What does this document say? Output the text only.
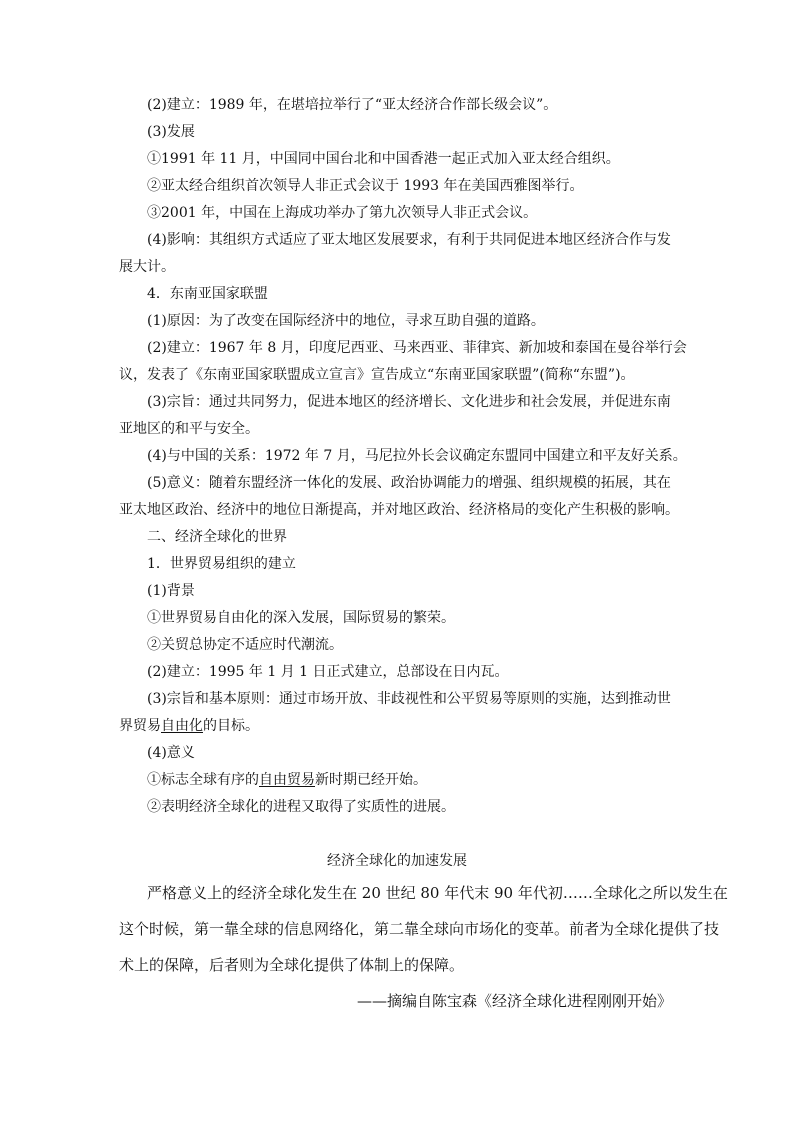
(2)建立：1989 年，在堪培拉举行了“亚太经济合作部长级会议”。
(3)发展
①1991 年 11 月，中国同中国台北和中国香港一起正式加入亚太经合组织。
②亚太经合组织首次领导人非正式会议于 1993 年在美国西雅图举行。
③2001 年，中国在上海成功举办了第九次领导人非正式会议。
(4)影响：其组织方式适应了亚太地区发展要求，有利于共同促进本地区经济合作与发
展大计。
4．东南亚国家联盟
(1)原因：为了改变在国际经济中的地位，寻求互助自强的道路。
(2)建立：1967 年 8 月，印度尼西亚、马来西亚、菲律宾、新加坡和泰国在曼谷举行会
议，发表了《东南亚国家联盟成立宣言》宣告成立“东南亚国家联盟”(简称“东盟”)。
(3)宗旨：通过共同努力，促进本地区的经济增长、文化进步和社会发展，并促进东南
亚地区的和平与安全。
(4)与中国的关系：1972 年 7 月，马尼拉外长会议确定东盟同中国建立和平友好关系。
(5)意义：随着东盟经济一体化的发展、政治协调能力的增强、组织规模的拓展，其在
亚太地区政治、经济中的地位日渐提高，并对地区政治、经济格局的变化产生积极的影响。
二、经济全球化的世界
1．世界贸易组织的建立
(1)背景
①世界贸易自由化的深入发展，国际贸易的繁荣。
②关贸总协定不适应时代潮流。
(2)建立：1995 年 1 月 1 日正式建立，总部设在日内瓦。
(3)宗旨和基本原则：通过市场开放、非歧视性和公平贸易等原则的实施，达到推动世
界贸易自由化的目标。
(4)意义
①标志全球有序的自由贸易新时期已经开始。
②表明经济全球化的进程又取得了实质性的进展。
经济全球化的加速发展
严格意义上的经济全球化发生在 20 世纪 80 年代末 90 年代初……全球化之所以发生在
这个时候，第一靠全球的信息网络化，第二靠全球向市场化的变革。前者为全球化提供了技
术上的保障，后者则为全球化提供了体制上的保障。
——摘编自陈宝森《经济全球化进程刚刚开始》
